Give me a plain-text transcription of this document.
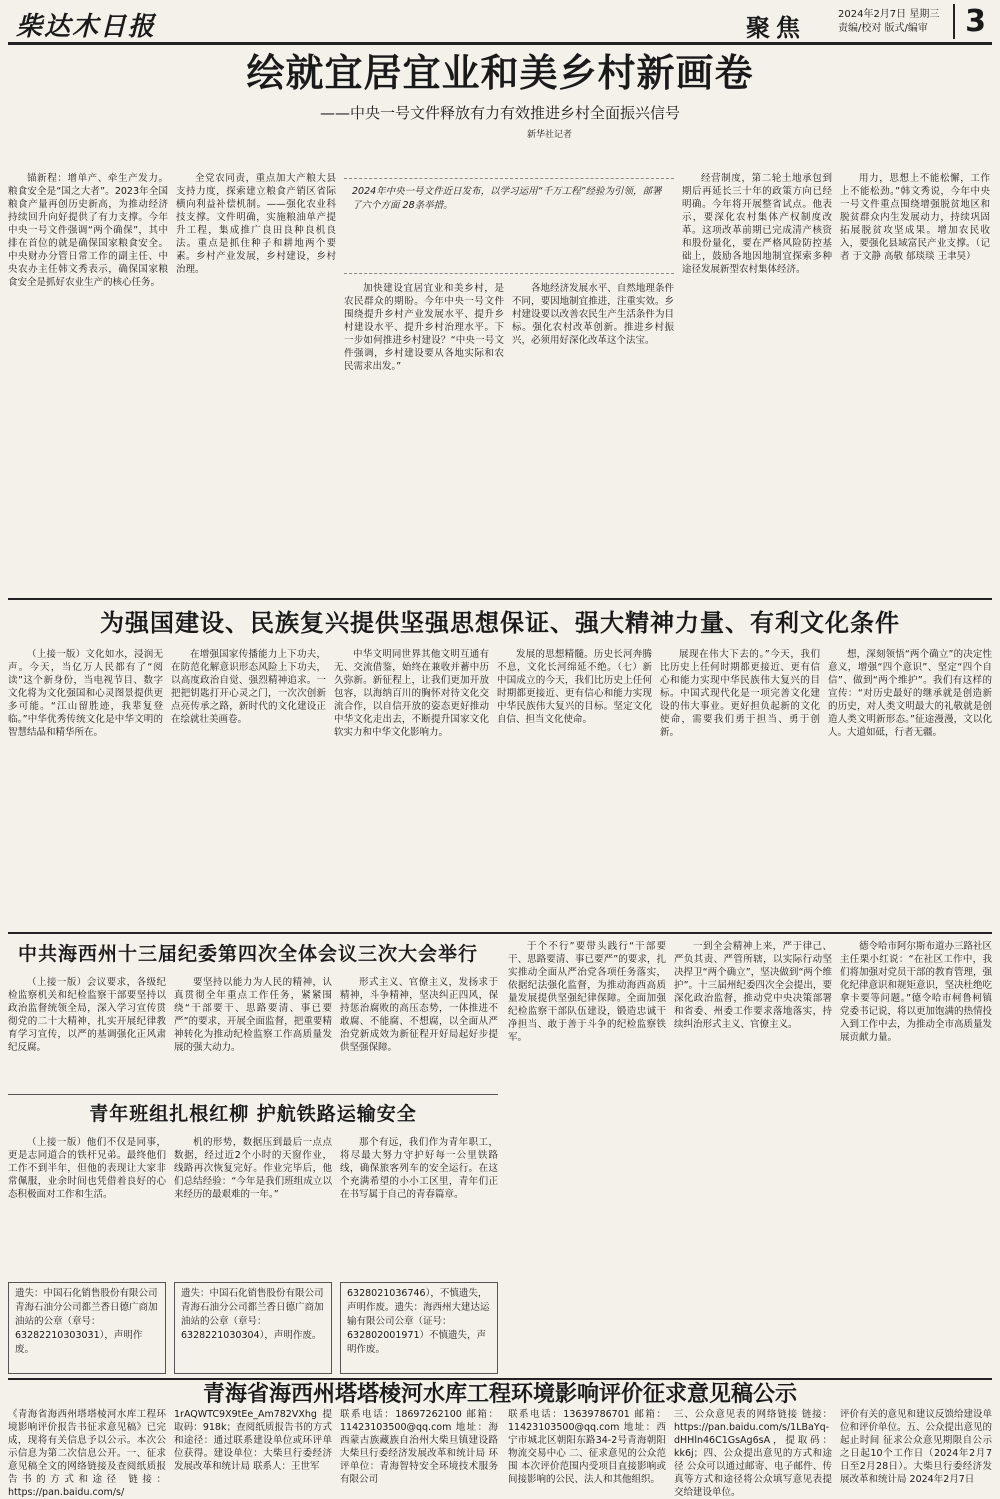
柴达木日报	聚焦	2024年2月7日 星期三
责编/校对 版式/编审	3
绘就宜居宜业和美乡村新画卷
——中央一号文件释放有力有效推进乡村全面振兴信号
新华社记者

锚新程：增单产、牵生产发力。粮食安全是“国之大者”。2023年全国粮食产量再创历史新高，为推动经济持续回升向好提供了有力支撑。今年中央一号文件强调“两个确保”，其中排在首位的就是确保国家粮食安全。中央财办分管日常工作的副主任、中央农办主任韩文秀表示，确保国家粮食安全是抓好农业生产的核心任务。

全党农同责，重点加大产粮大县支持力度，探索建立粮食产销区省际横向利益补偿机制。——强化农业科技支撑。文件明确，实施粮油单产提升工程，集成推广良田良种良机良法。重点是抓住种子和耕地两个要素。乡村产业发展，乡村建设，乡村治理。

2024年中央一号文件近日发布，以学习运用“千万工程”经验为引领，部署了六个方面 28条举措。

加快建设宜居宜业和美乡村，是农民群众的期盼。今年中央一号文件围绕提升乡村产业发展水平、提升乡村建设水平、提升乡村治理水平。下一步如何推进乡村建设？“中央一号文件强调，乡村建设要从各地实际和农民需求出发。”

各地经济发展水平、自然地理条件不同，要因地制宜推进，注重实效。乡村建设要以改善农民生产生活条件为目标。强化农村改革创新。推进乡村振兴，必须用好深化改革这个法宝。

经营制度，第二轮土地承包到期后再延长三十年的政策方向已经明确。今年将开展整省试点。他表示，要深化农村集体产权制度改革。这项改革前期已完成清产核资和股份量化，要在严格风险防控基础上，鼓励各地因地制宜探索多种途径发展新型农村集体经济。

用力，思想上不能松懈，工作上不能松劲。”韩文秀说，今年中央一号文件重点围绕增强脱贫地区和脱贫群众内生发展动力，持续巩固拓展脱贫攻坚成果。增加农民收入，要强化县域富民产业支撑。（记者 于文静 高敬 郁琰琰 王聿昊）

为强国建设、民族复兴提供坚强思想保证、强大精神力量、有利文化条件

（上接一版）文化如水，浸润无声。今天，当亿万人民都有了“阅读”这个新身份，当电视节目、数字文化将为文化强国和心灵图景提供更多可能。“江山留胜迹，我辈复登临。”中华优秀传统文化是中华文明的智慧结晶和精华所在。

在增强国家传播能力上下功夫，在防范化解意识形态风险上下功夫，以高度政治自觉、强烈精神追求。一把把钥匙打开心灵之门，一次次创新点亮传承之路，新时代的文化建设正在绘就壮美画卷。

中华文明同世界其他文明互通有无、交流借鉴，始终在兼收并蓄中历久弥新。新征程上，让我们更加开放包容，以海纳百川的胸怀对待文化交流合作，以自信开放的姿态更好推动中华文化走出去，不断提升国家文化软实力和中华文化影响力。

发展的思想精髓。历史长河奔腾不息，文化长河绵延不绝。（七）新中国成立的今天，我们比历史上任何时期都更接近、更有信心和能力实现中华民族伟大复兴的目标。坚定文化自信、担当文化使命。

展现在伟大下去的。”今天，我们比历史上任何时期都更接近、更有信心和能力实现中华民族伟大复兴的目标。中国式现代化是一项完善文化建设的伟大事业。更好担负起新的文化使命，需要我们勇于担当、勇于创新。

想，深刻领悟“两个确立”的决定性意义，增强“四个意识”、坚定“四个自信”、做到“两个维护”。我们有这样的宣传：“对历史最好的继承就是创造新的历史，对人类文明最大的礼敬就是创造人类文明新形态。”征途漫漫，文以化人。大道如砥，行者无疆。

中共海西州十三届纪委第四次全体会议三次大会举行

（上接一版）会议要求，各级纪检监察机关和纪检监察干部要坚持以政治监督统领全局，深入学习宣传贯彻党的二十大精神，扎实开展纪律教育学习宣传，以严的基调强化正风肃纪反腐。

要坚持以能力为人民的精神，认真贯彻全年重点工作任务，紧紧围绕“干部要干、思路要清、事已要严”的要求，开展全面监督，把重要精神转化为推动纪检监察工作高质量发展的强大动力。

形式主义、官僚主义，发扬求于精神，斗争精神，坚决纠正四风，保持惩治腐败的高压态势，一体推进不敢腐、不能腐、不想腐，以全面从严治党新成效为新征程开好局起好步提供坚强保障。

青年班组扎根红柳 护航铁路运输安全

（上接一版）他们不仅是同事，更是志同道合的铁杆兄弟。最终他们工作不到半年，但他的表现让大家非常佩服，业余时间也凭借着良好的心态积极面对工作和生活。

机的形势，数据压到最后一点点数据，经过近2个小时的天窗作业，线路再次恢复完好。作业完毕后，他们总结经验：“今年是我们班组成立以来经历的最艰难的一年。”

那个有远，我们作为青年职工，将尽最大努力守护好每一公里铁路线，确保旅客列车的安全运行。在这个充满希望的小小工区里，青年们正在书写属于自己的青春篇章。

遗失：中国石化销售股份有限公司青海石油分公司都兰香日德广商加油站的公章（章号：63282210303031），声明作废。
遗失：中国石化销售股份有限公司青海石油分公司都兰香日德广商加油站的公章（章号：6328221030304），声明作废。
6328021036746），不慎遗失，声明作废。遗失：海西州大建达运输有限公司公章（证号：632802001971）不慎遗失，声明作废。

于个不行”要带头践行“干部要干、思路要清、事已要严”的要求，扎实推动全面从严治党各项任务落实，依据纪法强化监督，为推动海西高质量发展提供坚强纪律保障。全面加强纪检监察干部队伍建设，锻造忠诚干净担当、敢于善于斗争的纪检监察铁军。

一到全会精神上来，严于律己、严负其责、严管所辖，以实际行动坚决捍卫“两个确立”，坚决做到“两个维护”。十三届州纪委四次全会提出，要深化政治监督，推动党中央决策部署和省委、州委工作要求落地落实，持续纠治形式主义、官僚主义。

德令哈市阿尔斯布道办三路社区主任栗小红说：“在社区工作中，我们将加强对党员干部的教育管理，强化纪律意识和规矩意识，坚决杜绝吃拿卡要等问题。”德令哈市柯鲁柯镇党委书记说，将以更加饱满的热情投入到工作中去，为推动全市高质量发展贡献力量。

青海省海西州塔塔棱河水库工程环境影响评价征求意见稿公示
《青海省海西州塔塔棱河水库工程环境影响评价报告书征求意见稿》已完成，现将有关信息予以公示。本次公示信息为第二次信息公开。一、征求意见稿全文的网络链接及查阅纸质报告书的方式和途径 链接：https://pan.baidu.com/s/
1rAQWTC9X9tEe_Am782VXhg 提取码：918k；查阅纸质报告书的方式和途径：通过联系建设单位或环评单位获得。建设单位：大柴旦行委经济发展改革和统计局 联系人：王世军
联系电话：18697262100 邮箱：11423103500@qq.com 地址：海西蒙古族藏族自治州大柴旦镇建设路大柴旦行委经济发展改革和统计局 环评单位：青海智特安全环境技术服务有限公司
联系电话：13639786701 邮箱：11423103500@qq.com 地址：西宁市城北区朝阳东路34-2号青海朝阳物流交易中心 二、征求意见的公众范围 本次评价范围内受项目直接影响或间接影响的公民、法人和其他组织。
三、公众意见表的网络链接 链接：https://pan.baidu.com/s/1LBaYq-dHHln46C1GsAg6sA，提取码：kk6j；四、公众提出意见的方式和途径 公众可以通过邮寄、电子邮件、传真等方式和途径将公众填写意见表提交给建设单位。
评价有关的意见和建议反馈给建设单位和评价单位。五、公众提出意见的起止时间 征求公众意见期限自公示之日起10个工作日（2024年2月7日至2月28日）。大柴旦行委经济发展改革和统计局 2024年2月7日
